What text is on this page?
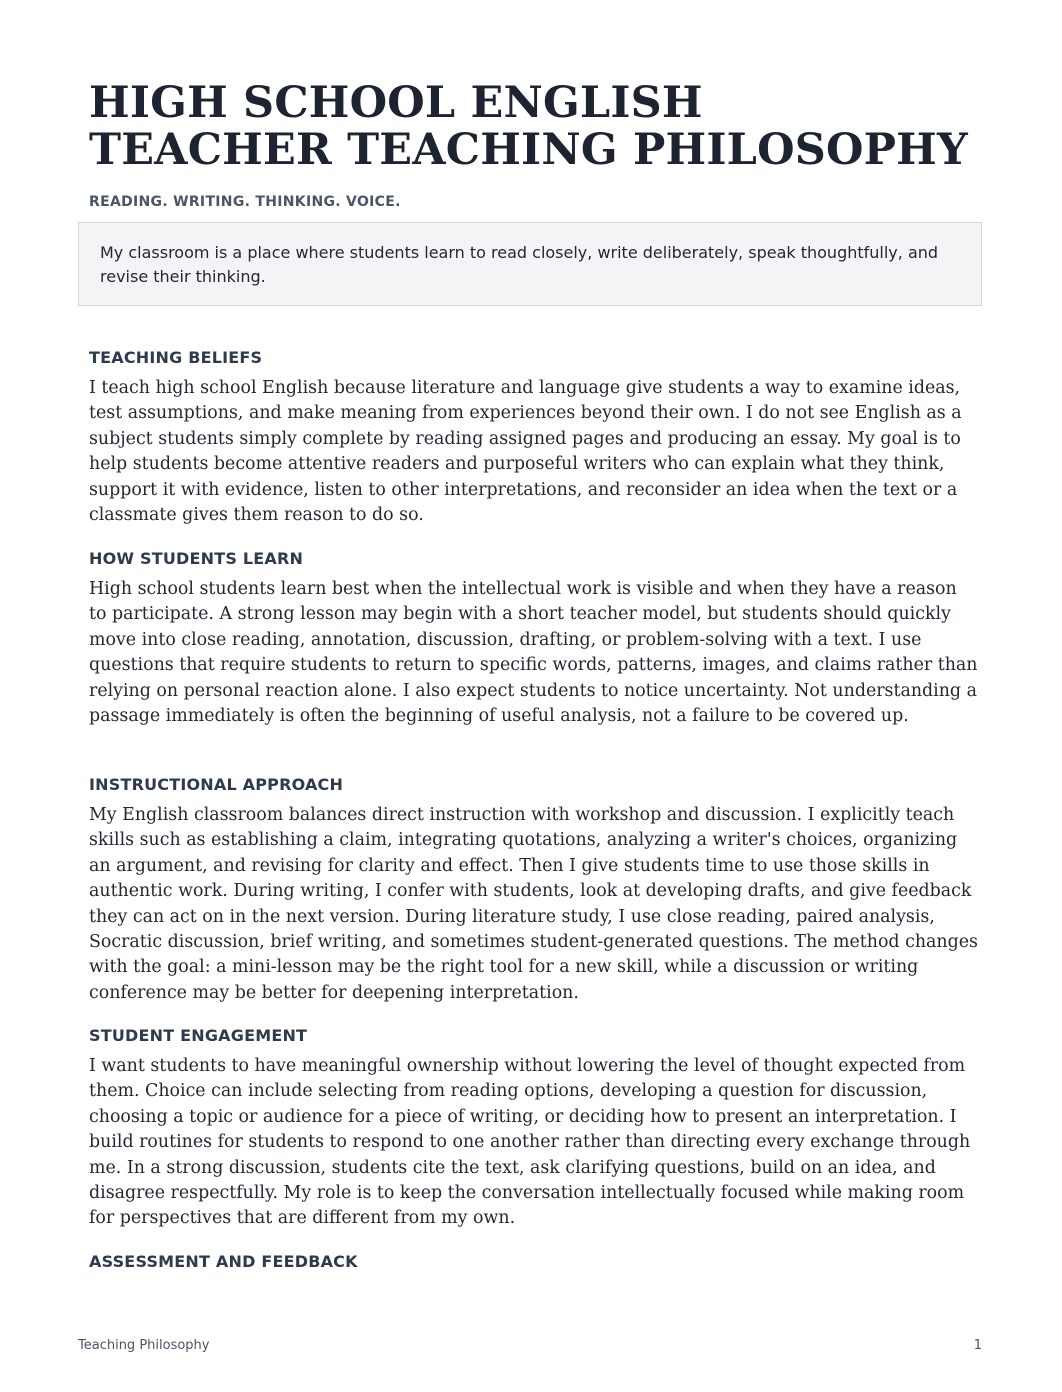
HIGH SCHOOL ENGLISH
TEACHER TEACHING PHILOSOPHY

READING. WRITING. THINKING. VOICE.

My classroom is a place where students learn to read closely, write deliberately, speak thoughtfully, and revise their thinking.
TEACHING BELIEFS

I teach high school English because literature and language give students a way to examine ideas, test assumptions, and make meaning from experiences beyond their own. I do not see English as a subject students simply complete by reading assigned pages and producing an essay. My goal is to help students become attentive readers and purposeful writers who can explain what they think, support it with evidence, listen to other interpretations, and reconsider an idea when the text or a classmate gives them reason to do so.

HOW STUDENTS LEARN

High school students learn best when the intellectual work is visible and when they have a reason to participate. A strong lesson may begin with a short teacher model, but students should quickly move into close reading, annotation, discussion, drafting, or problem-solving with a text. I use questions that require students to return to specific words, patterns, images, and claims rather than relying on personal reaction alone. I also expect students to notice uncertainty. Not understanding a passage immediately is often the beginning of useful analysis, not a failure to be covered up.

INSTRUCTIONAL APPROACH

My English classroom balances direct instruction with workshop and discussion. I explicitly teach skills such as establishing a claim, integrating quotations, analyzing a writer's choices, organizing an argument, and revising for clarity and effect. Then I give students time to use those skills in authentic work. During writing, I confer with students, look at developing drafts, and give feedback they can act on in the next version. During literature study, I use close reading, paired analysis, Socratic discussion, brief writing, and sometimes student-generated questions. The method changes with the goal: a mini-lesson may be the right tool for a new skill, while a discussion or writing conference may be better for deepening interpretation.

STUDENT ENGAGEMENT

I want students to have meaningful ownership without lowering the level of thought expected from them. Choice can include selecting from reading options, developing a question for discussion, choosing a topic or audience for a piece of writing, or deciding how to present an interpretation. I build routines for students to respond to one another rather than directing every exchange through me. In a strong discussion, students cite the text, ask clarifying questions, build on an idea, and disagree respectfully. My role is to keep the conversation intellectually focused while making room for perspectives that are different from my own.

ASSESSMENT AND FEEDBACK
Teaching Philosophy	1
